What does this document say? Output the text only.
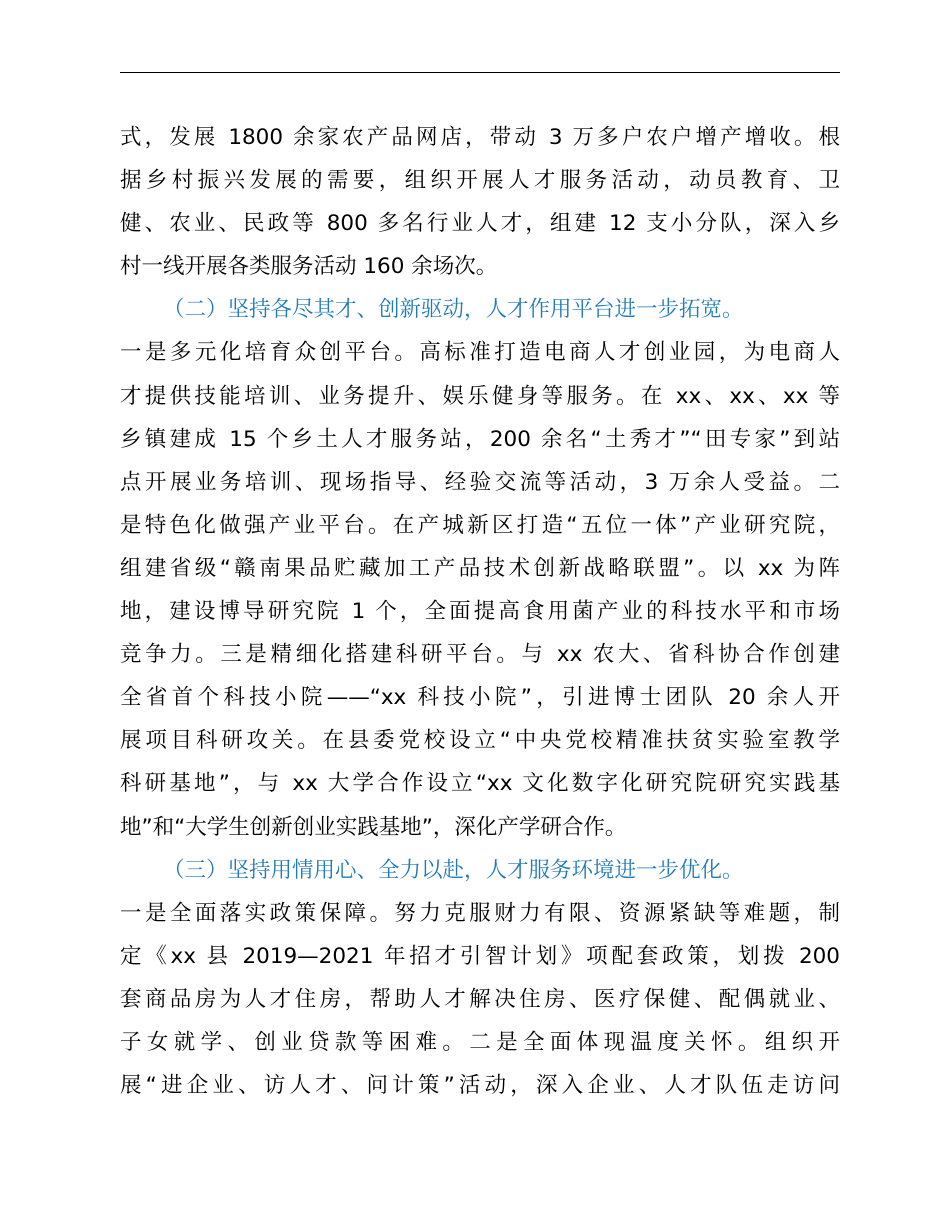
式，发展 1800 余家农产品网店，带动 3 万多户农户增产增收。根
据乡村振兴发展的需要，组织开展人才服务活动，动员教育、卫
健、农业、民政等 800 多名行业人才，组建 12 支小分队，深入乡
村一线开展各类服务活动 160 余场次。
（二）坚持各尽其才、创新驱动，人才作用平台进一步拓宽。
一是多元化培育众创平台。高标准打造电商人才创业园，为电商人
才提供技能培训、业务提升、娱乐健身等服务。在 xx、xx、xx 等
乡镇建成 15 个乡土人才服务站，200 余名“土秀才”“田专家”到站
点开展业务培训、现场指导、经验交流等活动，3 万余人受益。二
是特色化做强产业平台。在产城新区打造“五位一体”产业研究院，
组建省级“赣南果品贮藏加工产品技术创新战略联盟”。以 xx 为阵
地，建设博导研究院 1 个，全面提高食用菌产业的科技水平和市场
竞争力。三是精细化搭建科研平台。与 xx 农大、省科协合作创建
全省首个科技小院——“xx 科技小院”，引进博士团队 20 余人开
展项目科研攻关。在县委党校设立“中央党校精准扶贫实验室教学
科研基地”，与 xx 大学合作设立“xx 文化数字化研究院研究实践基
地”和“大学生创新创业实践基地”，深化产学研合作。
（三）坚持用情用心、全力以赴，人才服务环境进一步优化。
一是全面落实政策保障。努力克服财力有限、资源紧缺等难题，制
定《xx 县 2019—2021 年招才引智计划》项配套政策，划拨 200
套商品房为人才住房，帮助人才解决住房、医疗保健、配偶就业、
子女就学、创业贷款等困难。二是全面体现温度关怀。组织开
展“进企业、访人才、问计策”活动，深入企业、人才队伍走访问
